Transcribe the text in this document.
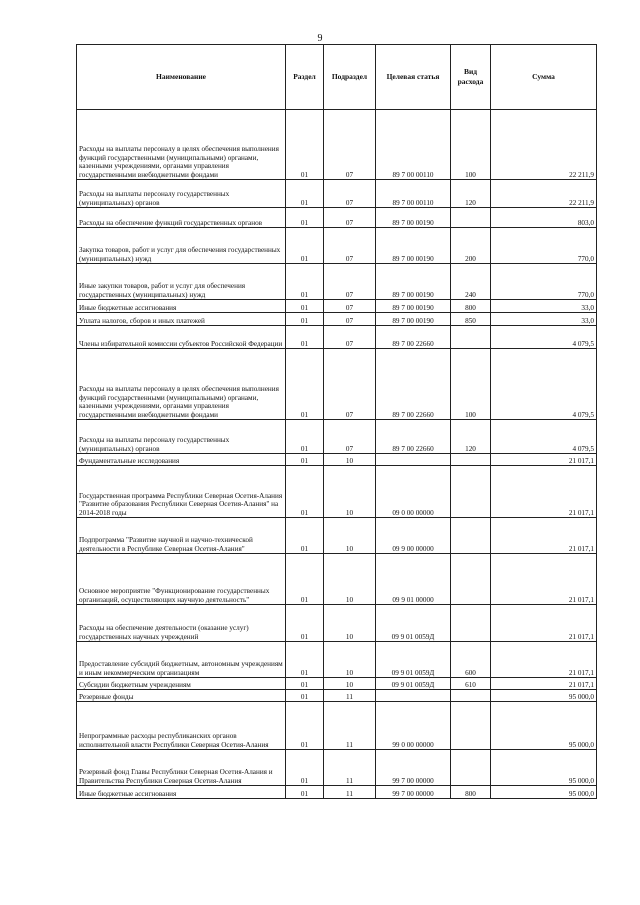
9
Наименование	Раздел	Подраздел	Целевая статья	Вид расхода	Сумма
Расходы на выплаты персоналу в целях обеспечения выполнения функций государственными (муниципальными) органами, казенными учреждениями, органами управления государственными внебюджетными фондами	01	07	89 7 00 00110	100	22 211,9
Расходы на выплаты персоналу государственных (муниципальных) органов	01	07	89 7 00 00110	120	22 211,9
Расходы на обеспечение функций государственных органов	01	07	89 7 00 00190		803,0
Закупка товаров, работ и услуг для обеспечения государственных (муниципальных) нужд	01	07	89 7 00 00190	200	770,0
Иные закупки товаров, работ и услуг для обеспечения государственных (муниципальных) нужд	01	07	89 7 00 00190	240	770,0
Иные бюджетные ассигнования	01	07	89 7 00 00190	800	33,0
Уплата налогов, сборов и иных платежей	01	07	89 7 00 00190	850	33,0
Члены избирательной комиссии субъектов Российской Федерации	01	07	89 7 00 22660		4 079,5
Расходы на выплаты персоналу в целях обеспечения выполнения функций государственными (муниципальными) органами, казенными учреждениями, органами управления государственными внебюджетными фондами	01	07	89 7 00 22660	100	4 079,5
Расходы на выплаты персоналу государственных (муниципальных) органов	01	07	89 7 00 22660	120	4 079,5
Фундаментальные исследования	01	10			21 017,1
Государственная программа Республики Северная Осетия-Алания "Развитие образования Республики Северная Осетия-Алания" на 2014-2018 годы	01	10	09 0 00 00000		21 017,1
Подпрограмма "Развитие научной и научно-технической деятельности в Республике Северная Осетия-Алания"	01	10	09 9 00 00000		21 017,1
Основное мероприятие "Функционирование государственных организаций, осуществляющих научную деятельность"	01	10	09 9 01 00000		21 017,1
Расходы на обеспечение деятельности (оказание услуг) государственных научных учреждений	01	10	09 9 01 0059Д		21 017,1
Предоставление субсидий бюджетным, автономным учреждениям и иным некоммерческим организациям	01	10	09 9 01 0059Д	600	21 017,1
Субсидии бюджетным учреждениям	01	10	09 9 01 0059Д	610	21 017,1
Резервные фонды	01	11			95 000,0
Непрограммные расходы республиканских органов исполнительной власти Республики Северная Осетия-Алания	01	11	99 0 00 00000		95 000,0
Резервный фонд Главы Республики Северная Осетия-Алания и Правительства Республики Северная Осетия-Алания	01	11	99 7 00 00000		95 000,0
Иные бюджетные ассигнования	01	11	99 7 00 00000	800	95 000,0
